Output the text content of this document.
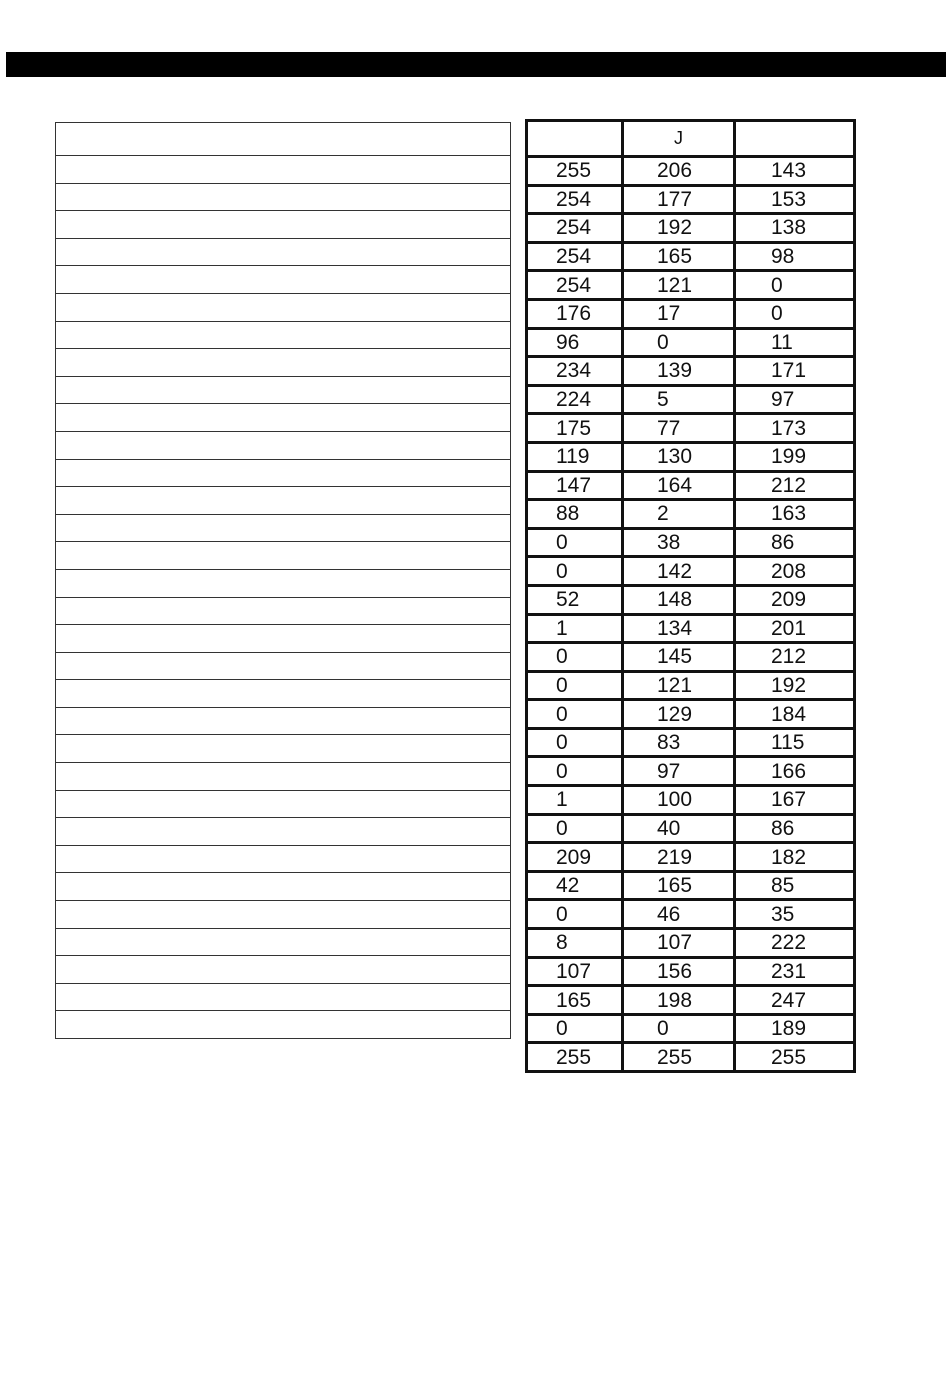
	J	
255	206	143
254	177	153
254	192	138
254	165	98
254	121	0
176	17	0
96	0	11
234	139	171
224	5	97
175	77	173
119	130	199
147	164	212
88	2	163
0	38	86
0	142	208
52	148	209
1	134	201
0	145	212
0	121	192
0	129	184
0	83	115
0	97	166
1	100	167
0	40	86
209	219	182
42	165	85
0	46	35
8	107	222
107	156	231
165	198	247
0	0	189
255	255	255
